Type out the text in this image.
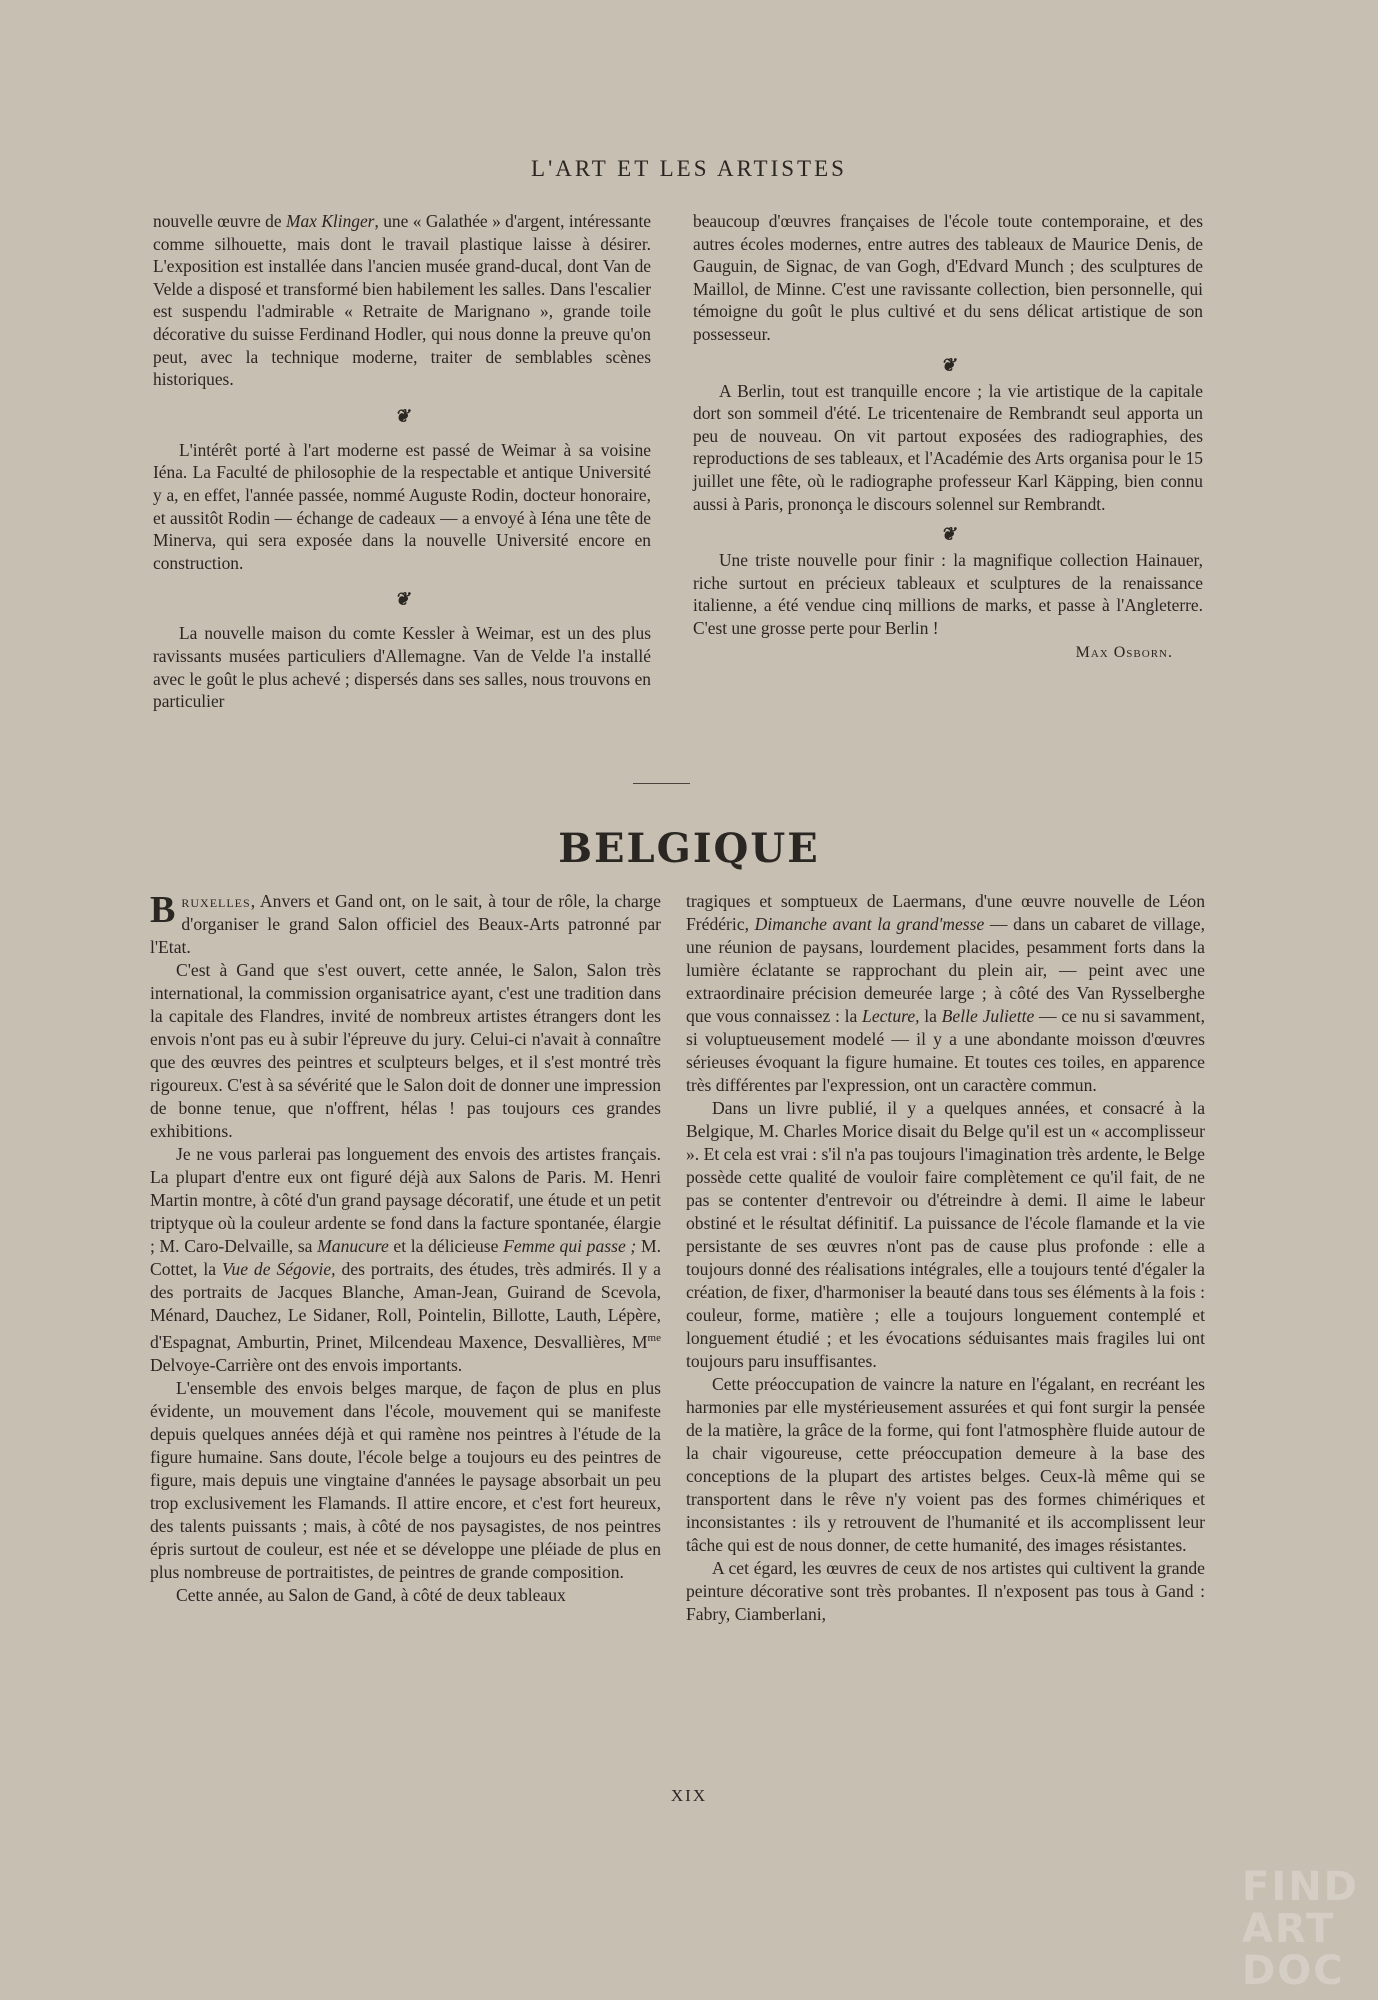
L'ART ET LES ARTISTES

nouvelle œuvre de Max Klinger, une « Galathée » d'argent, intéressante comme silhouette, mais dont le travail plastique laisse à désirer. L'exposition est installée dans l'ancien musée grand-ducal, dont Van de Velde a disposé et transformé bien habilement les salles. Dans l'escalier est suspendu l'admirable « Retraite de Marignano », grande toile décorative du suisse Ferdinand Hodler, qui nous donne la preuve qu'on peut, avec la technique moderne, traiter de semblables scènes historiques.

❦

L'intérêt porté à l'art moderne est passé de Weimar à sa voisine Iéna. La Faculté de philosophie de la respectable et antique Université y a, en effet, l'année passée, nommé Auguste Rodin, docteur honoraire, et aussitôt Rodin — échange de cadeaux — a envoyé à Iéna une tête de Minerva, qui sera exposée dans la nouvelle Université encore en construction.

❦

La nouvelle maison du comte Kessler à Weimar, est un des plus ravissants musées particuliers d'Allemagne. Van de Velde l'a installé avec le goût le plus achevé ; dispersés dans ses salles, nous trouvons en particulier

beaucoup d'œuvres françaises de l'école toute contemporaine, et des autres écoles modernes, entre autres des tableaux de Maurice Denis, de Gauguin, de Signac, de van Gogh, d'Edvard Munch ; des sculptures de Maillol, de Minne. C'est une ravissante collection, bien personnelle, qui témoigne du goût le plus cultivé et du sens délicat artistique de son possesseur.

❦

A Berlin, tout est tranquille encore ; la vie artistique de la capitale dort son sommeil d'été. Le tricentenaire de Rembrandt seul apporta un peu de nouveau. On vit partout exposées des radiographies, des reproductions de ses tableaux, et l'Académie des Arts organisa pour le 15 juillet une fête, où le radiographe professeur Karl Käpping, bien connu aussi à Paris, prononça le discours solennel sur Rembrandt.

❦

Une triste nouvelle pour finir : la magnifique collection Hainauer, riche surtout en précieux tableaux et sculptures de la renaissance italienne, a été vendue cinq millions de marks, et passe à l'Angleterre. C'est une grosse perte pour Berlin !

Max Osborn.
BELGIQUE

Bruxelles, Anvers et Gand ont, on le sait, à tour de rôle, la charge d'organiser le grand Salon officiel des Beaux-Arts patronné par l'Etat.

C'est à Gand que s'est ouvert, cette année, le Salon, Salon très international, la commission organisatrice ayant, c'est une tradition dans la capitale des Flandres, invité de nombreux artistes étrangers dont les envois n'ont pas eu à subir l'épreuve du jury. Celui-ci n'avait à connaître que des œuvres des peintres et sculpteurs belges, et il s'est montré très rigoureux. C'est à sa sévérité que le Salon doit de donner une impression de bonne tenue, que n'offrent, hélas ! pas toujours ces grandes exhibitions.

Je ne vous parlerai pas longuement des envois des artistes français. La plupart d'entre eux ont figuré déjà aux Salons de Paris. M. Henri Martin montre, à côté d'un grand paysage décoratif, une étude et un petit triptyque où la couleur ardente se fond dans la facture spontanée, élargie ; M. Caro-Delvaille, sa Manucure et la délicieuse Femme qui passe ; M. Cottet, la Vue de Ségovie, des portraits, des études, très admirés. Il y a des portraits de Jacques Blanche, Aman-Jean, Guirand de Scevola, Ménard, Dauchez, Le Sidaner, Roll, Pointelin, Billotte, Lauth, Lépère, d'Espagnat, Amburtin, Prinet, Milcendeau Maxence, Desvallières, $M^{me}$ Delvoye-Carrière ont des envois importants.

L'ensemble des envois belges marque, de façon de plus en plus évidente, un mouvement dans l'école, mouvement qui se manifeste depuis quelques années déjà et qui ramène nos peintres à l'étude de la figure humaine. Sans doute, l'école belge a toujours eu des peintres de figure, mais depuis une vingtaine d'années le paysage absorbait un peu trop exclusivement les Flamands. Il attire encore, et c'est fort heureux, des talents puissants ; mais, à côté de nos paysagistes, de nos peintres épris surtout de couleur, est née et se développe une pléiade de plus en plus nombreuse de portraitistes, de peintres de grande composition.

Cette année, au Salon de Gand, à côté de deux tableaux

tragiques et somptueux de Laermans, d'une œuvre nouvelle de Léon Frédéric, Dimanche avant la grand'messe — dans un cabaret de village, une réunion de paysans, lourdement placides, pesamment forts dans la lumière éclatante se rapprochant du plein air, — peint avec une extraordinaire précision demeurée large ; à côté des Van Rysselberghe que vous connaissez : la Lecture, la Belle Juliette — ce nu si savamment, si voluptueusement modelé — il y a une abondante moisson d'œuvres sérieuses évoquant la figure humaine. Et toutes ces toiles, en apparence très différentes par l'expression, ont un caractère commun.

Dans un livre publié, il y a quelques années, et consacré à la Belgique, M. Charles Morice disait du Belge qu'il est un « accomplisseur ». Et cela est vrai : s'il n'a pas toujours l'imagination très ardente, le Belge possède cette qualité de vouloir faire complètement ce qu'il fait, de ne pas se contenter d'entrevoir ou d'étreindre à demi. Il aime le labeur obstiné et le résultat définitif. La puissance de l'école flamande et la vie persistante de ses œuvres n'ont pas de cause plus profonde : elle a toujours donné des réalisations intégrales, elle a toujours tenté d'égaler la création, de fixer, d'harmoniser la beauté dans tous ses éléments à la fois : couleur, forme, matière ; elle a toujours longuement contemplé et longuement étudié ; et les évocations séduisantes mais fragiles lui ont toujours paru insuffisantes.

Cette préoccupation de vaincre la nature en l'égalant, en recréant les harmonies par elle mystérieusement assurées et qui font surgir la pensée de la matière, la grâce de la forme, qui font l'atmosphère fluide autour de la chair vigoureuse, cette préoccupation demeure à la base des conceptions de la plupart des artistes belges. Ceux-là même qui se transportent dans le rêve n'y voient pas des formes chimériques et inconsistantes : ils y retrouvent de l'humanité et ils accomplissent leur tâche qui est de nous donner, de cette humanité, des images résistantes.

A cet égard, les œuvres de ceux de nos artistes qui cultivent la grande peinture décorative sont très probantes. Il n'exposent pas tous à Gand : Fabry, Ciamberlani,

XIX
FIND
ART
DOC
